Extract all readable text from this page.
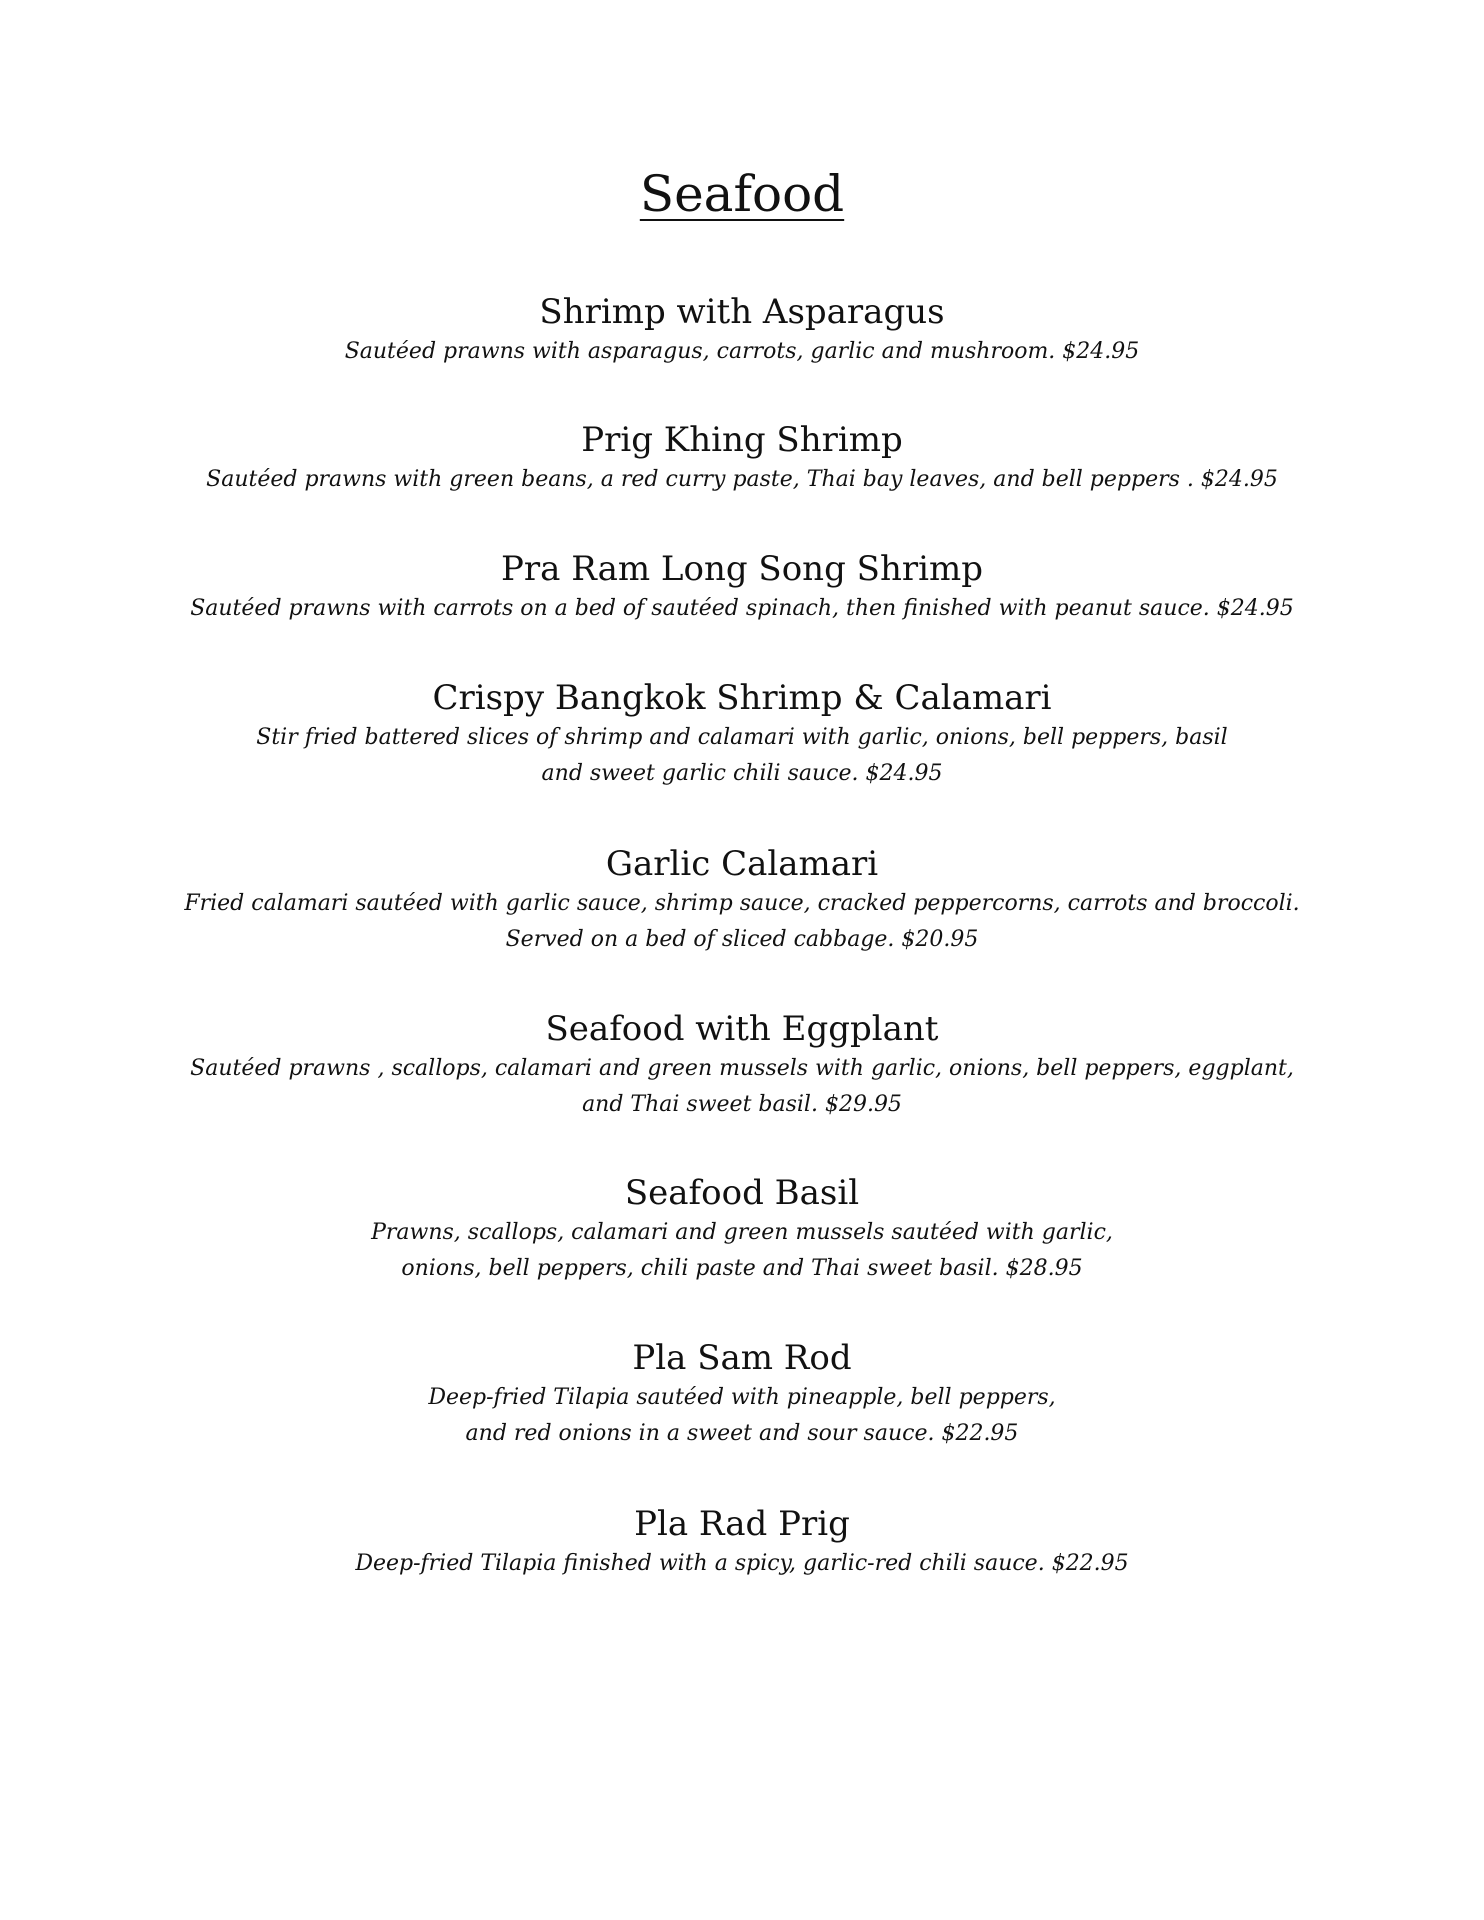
Seafood
Shrimp with Asparagus

Sautéed prawns with asparagus, carrots, garlic and mushroom. $24.95

Prig Khing Shrimp

Sautéed prawns with green beans, a red curry paste, Thai bay leaves, and bell peppers . $24.95

Pra Ram Long Song Shrimp

Sautéed prawns with carrots on a bed of sautéed spinach, then finished with peanut sauce. $24.95

Crispy Bangkok Shrimp & Calamari

Stir fried battered slices of shrimp and calamari with garlic, onions, bell peppers, basil
and sweet garlic chili sauce. $24.95

Garlic Calamari

Fried calamari sautéed with garlic sauce, shrimp sauce, cracked peppercorns, carrots and broccoli.
Served on a bed of sliced cabbage. $20.95

Seafood with Eggplant

Sautéed prawns , scallops, calamari and green mussels with garlic, onions, bell peppers, eggplant,
and Thai sweet basil. $29.95

Seafood Basil

Prawns, scallops, calamari and green mussels sautéed with garlic,
onions, bell peppers, chili paste and Thai sweet basil. $28.95

Pla Sam Rod

Deep-fried Tilapia sautéed with pineapple, bell peppers,
and red onions in a sweet and sour sauce. $22.95

Pla Rad Prig

Deep-fried Tilapia finished with a spicy, garlic-red chili sauce. $22.95
